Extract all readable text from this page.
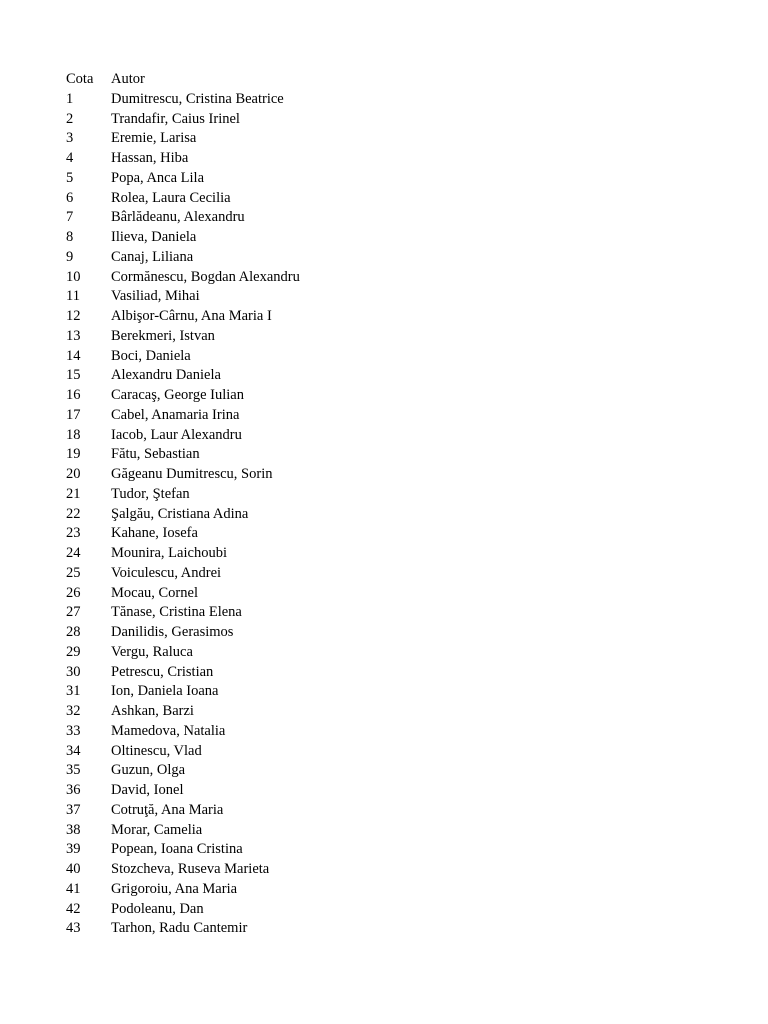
Cota	Autor
1	Dumitrescu, Cristina Beatrice
2	Trandafir, Caius Irinel
3	Eremie, Larisa
4	Hassan, Hiba
5	Popa, Anca Lila
6	Rolea, Laura Cecilia
7	Bârlădeanu, Alexandru
8	Ilieva, Daniela
9	Canaj, Liliana
10	Cormănescu, Bogdan Alexandru
11	Vasiliad, Mihai
12	Albişor-Cârnu, Ana Maria I
13	Berekmeri, Istvan
14	Boci, Daniela
15	Alexandru Daniela
16	Caracaş, George Iulian
17	Cabel, Anamaria Irina
18	Iacob, Laur Alexandru
19	Fătu, Sebastian
20	Găgeanu Dumitrescu, Sorin
21	Tudor, Ştefan
22	Şalgău, Cristiana Adina
23	Kahane, Iosefa
24	Mounira, Laichoubi
25	Voiculescu, Andrei
26	Mocau, Cornel
27	Tănase, Cristina Elena
28	Danilidis, Gerasimos
29	Vergu, Raluca
30	Petrescu, Cristian
31	Ion, Daniela Ioana
32	Ashkan, Barzi
33	Mamedova, Natalia
34	Oltinescu, Vlad
35	Guzun, Olga
36	David, Ionel
37	Cotruţă, Ana Maria
38	Morar, Camelia
39	Popean, Ioana Cristina
40	Stozcheva, Ruseva Marieta
41	Grigoroiu, Ana Maria
42	Podoleanu, Dan
43	Tarhon, Radu Cantemir
